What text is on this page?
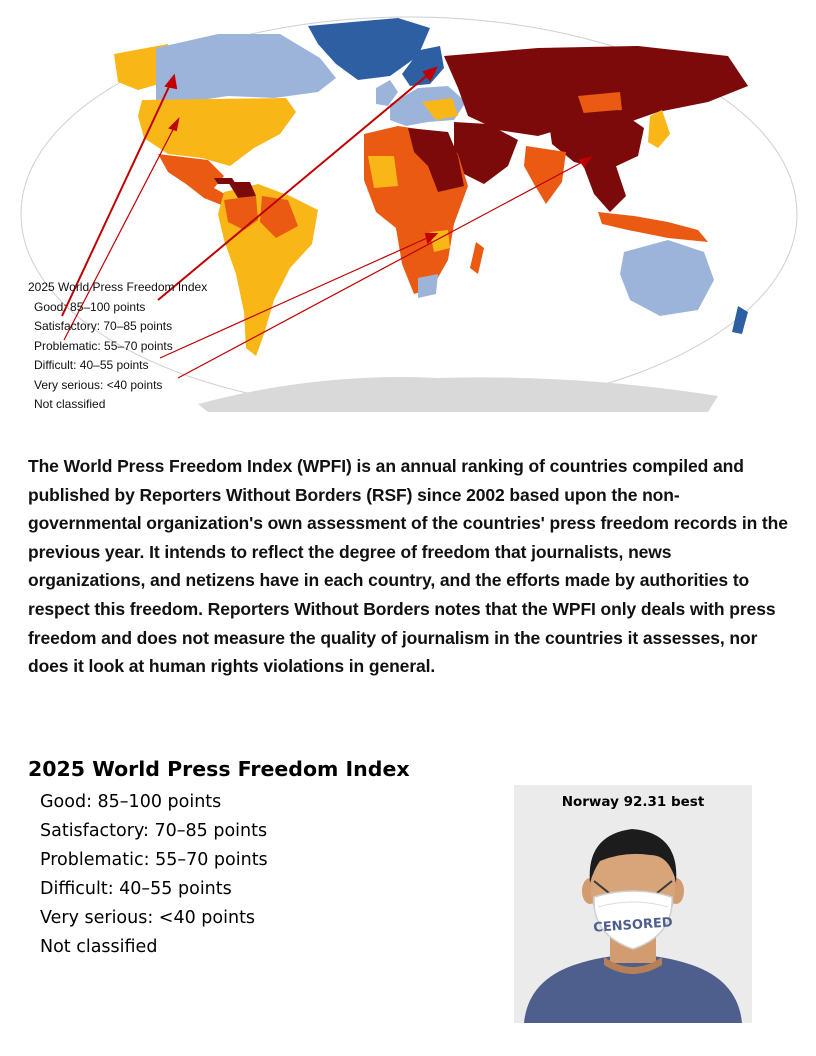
2025 World Press Freedom Index
Good: 85–100 points
Satisfactory: 70–85 points
Problematic: 55–70 points
Difficult: 40–55 points
Very serious: <40 points
Not classified

The World Press Freedom Index (WPFI) is an annual ranking of countries compiled and published by Reporters Without Borders (RSF) since 2002 based upon the non-governmental organization's own assessment of the countries' press freedom records in the previous year. It intends to reflect the degree of freedom that journalists, news organizations, and netizens have in each country, and the efforts made by authorities to respect this freedom. Reporters Without Borders notes that the WPFI only deals with press freedom and does not measure the quality of journalism in the countries it assesses, nor does it look at human rights violations in general.

2025 World Press Freedom Index
Good: 85–100 points
Satisfactory: 70–85 points
Problematic: 55–70 points
Difficult: 40–55 points
Very serious: <40 points
Not classified
CENSORED
Norway 92.31 best
